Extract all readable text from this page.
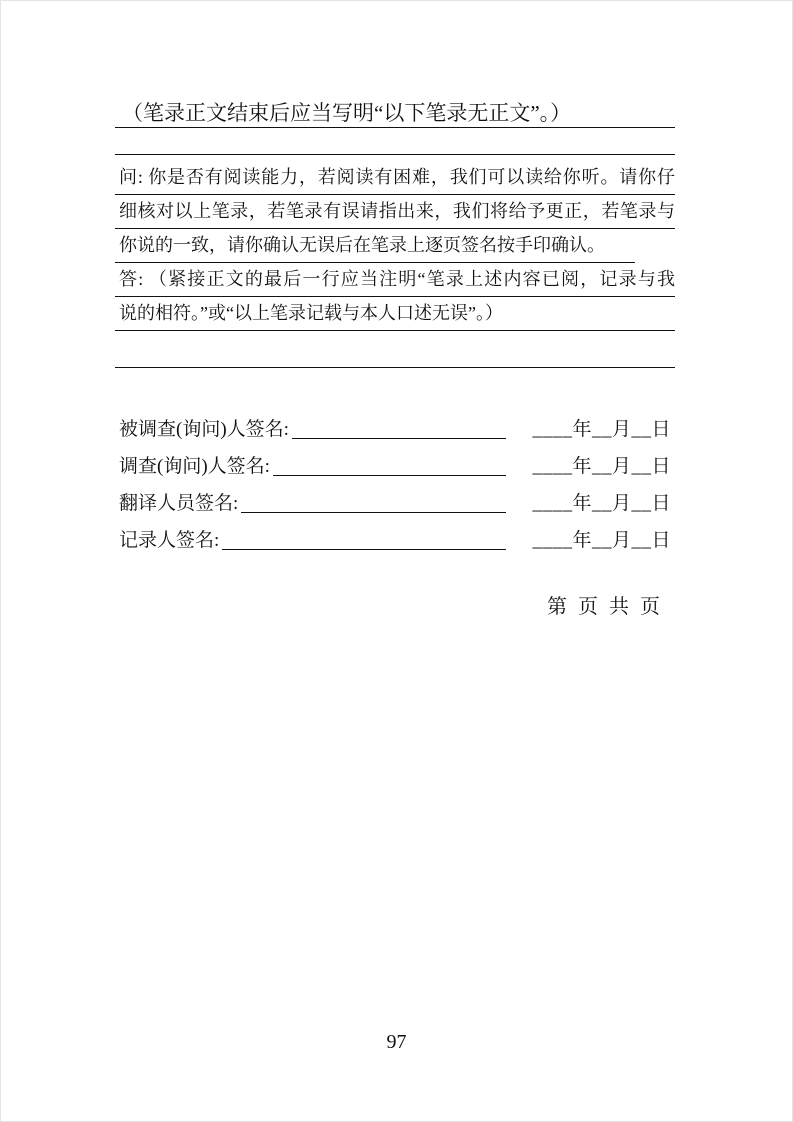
（笔录正文结束后应当写明“以下笔录无正文”。）
问: 你是否有阅读能力，若阅读有困难，我们可以读给你听。请你仔
细核对以上笔录，若笔录有误请指出来，我们将给予更正，若笔录与
你说的一致，请你确认无误后在笔录上逐页签名按手印确认。
答: （紧接正文的最后一行应当注明“笔录上述内容已阅，记录与我
说的相符。”或“以上笔录记载与本人口述无误”。）
被调查(询问)人签名:	____年__月__日
调查(询问)人签名:	____年__月__日
翻译人员签名:	____年__月__日
记录人签名:	____年__月__日
第 页 共 页
97
